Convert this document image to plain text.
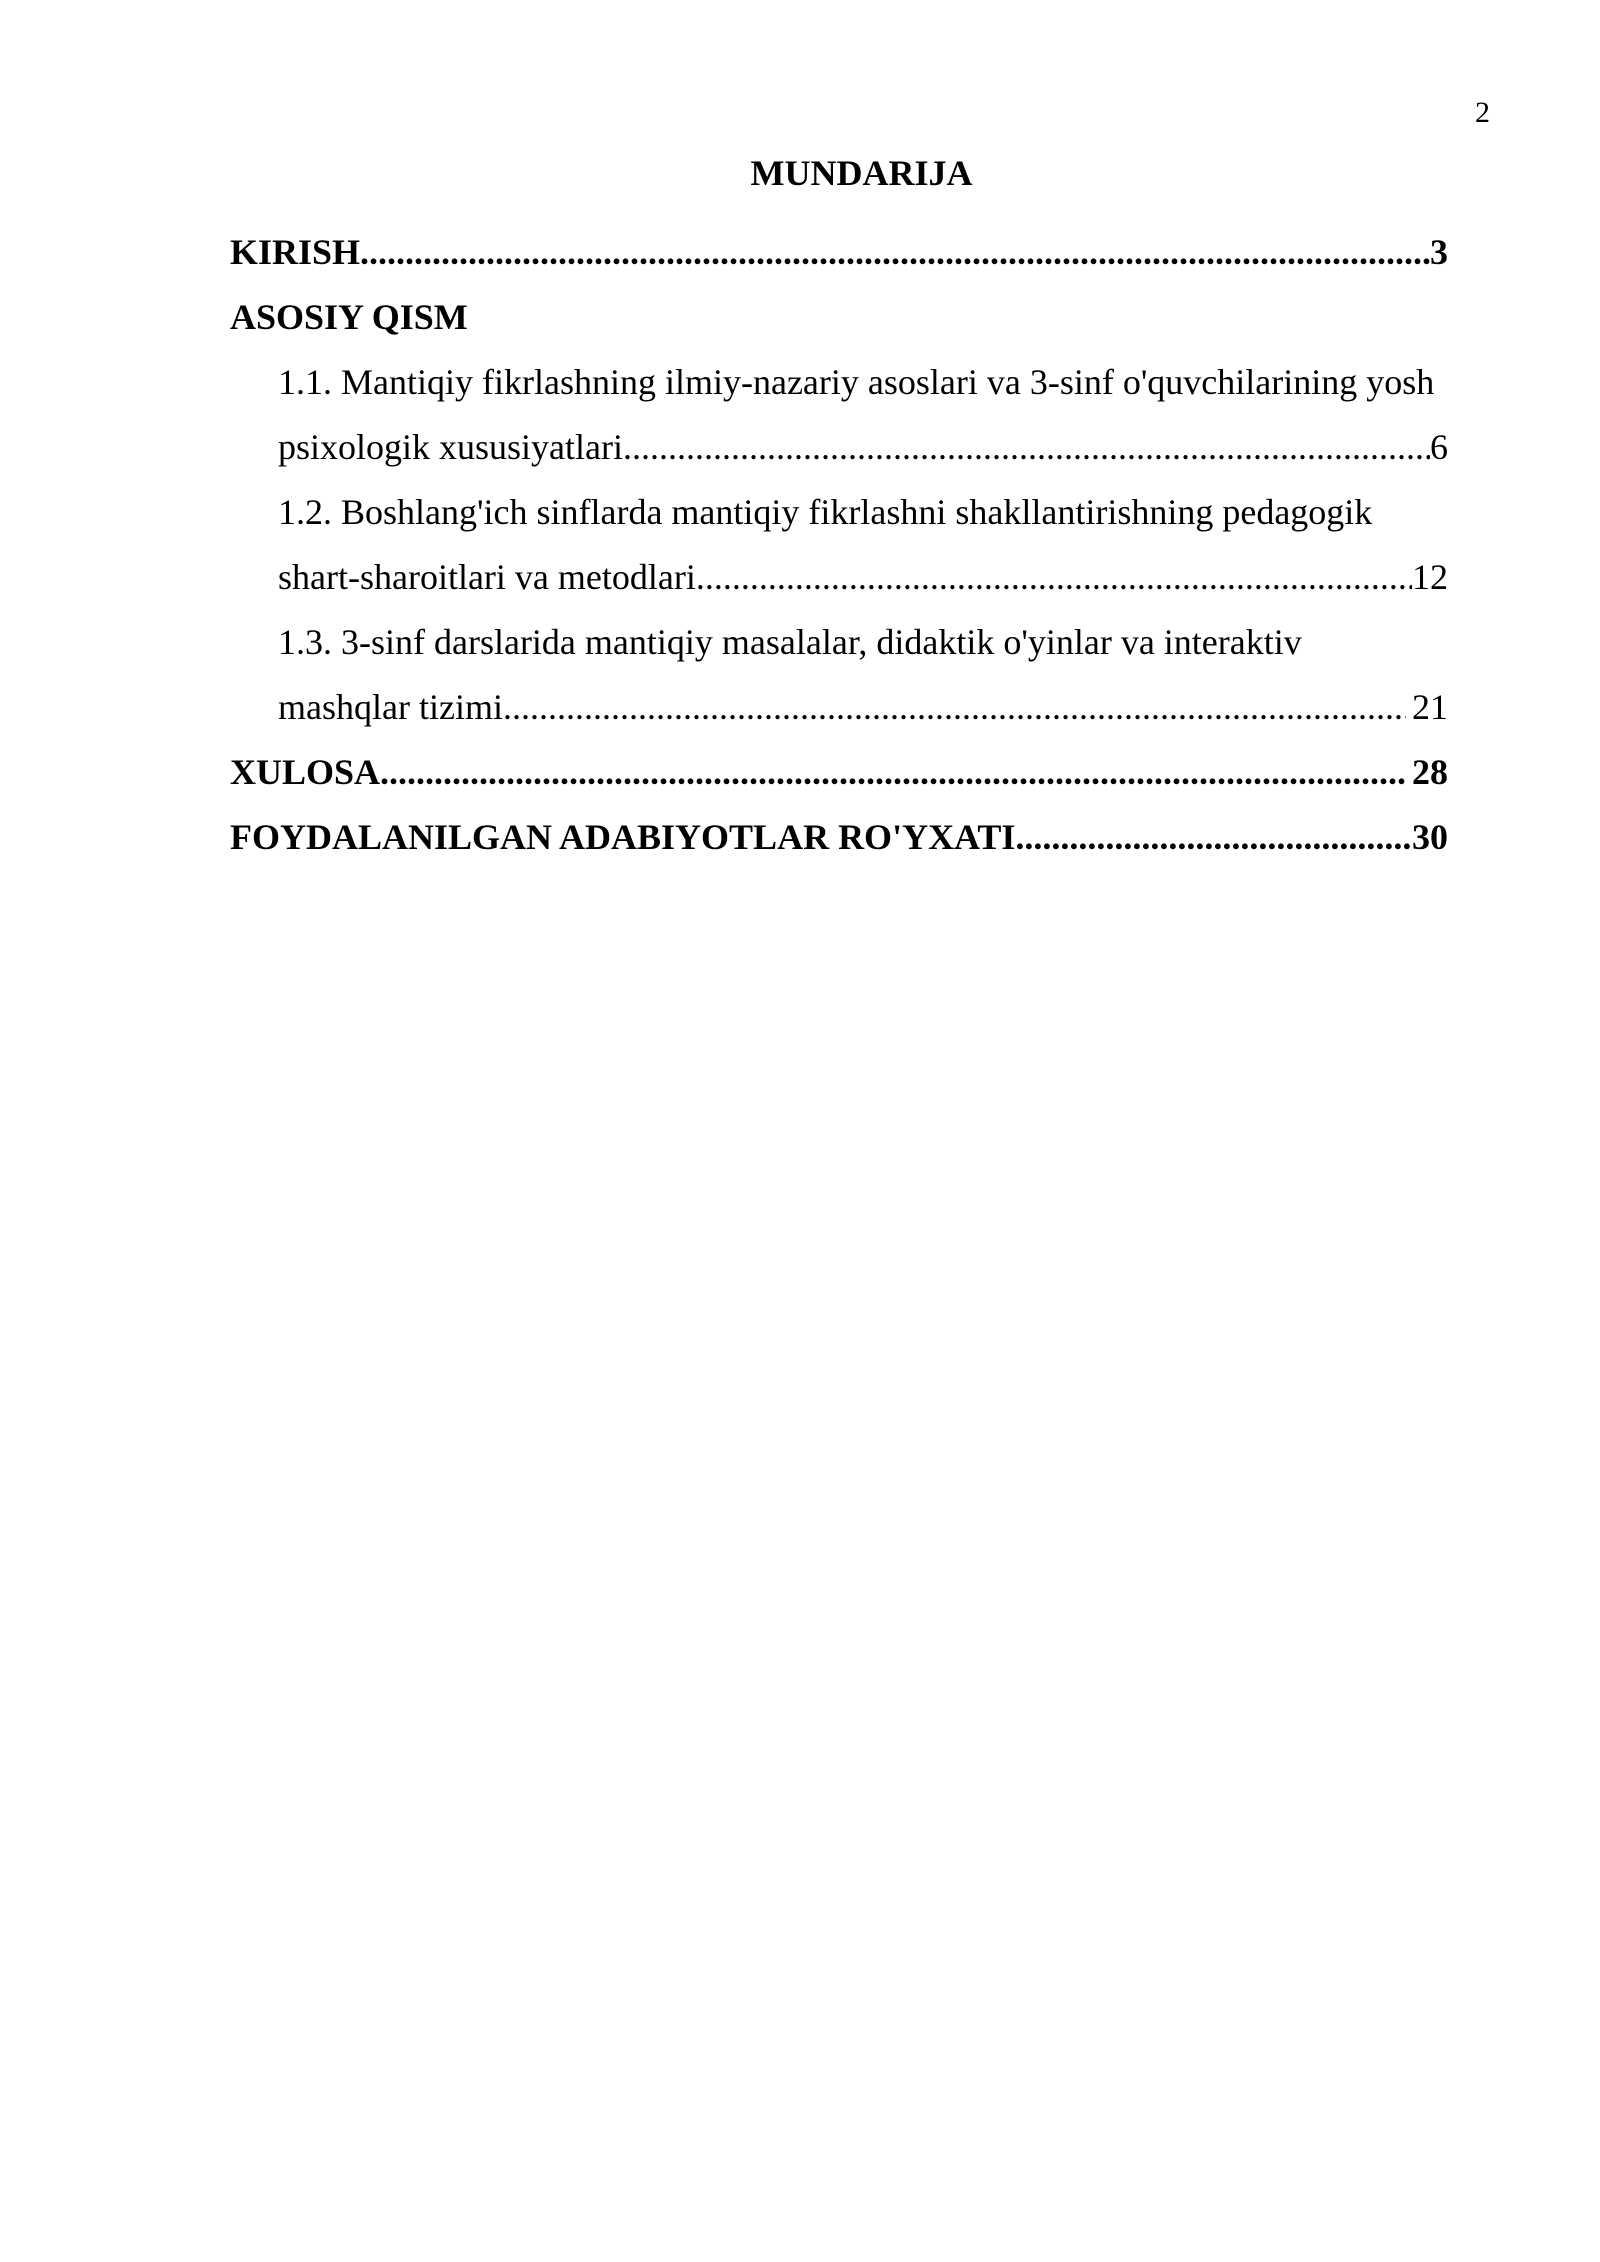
2
MUNDARIJA
KIRISH .....	3
ASOSIY QISM
1.1. Mantiqiy fikrlashning ilmiy-nazariy asoslari va 3-sinf o'quvchilarining yosh
psixologik xususiyatlari .....	6
1.2. Boshlang'ich sinflarda mantiqiy fikrlashni shakllantirishning pedagogik
shart-sharoitlari va metodlari .....	12
1.3. 3-sinf darslarida mantiqiy masalalar, didaktik o'yinlar va interaktiv
mashqlar tizimi .....	21
XULOSA .....	28
FOYDALANILGAN ADABIYOTLAR RO'YXATI .....	30
